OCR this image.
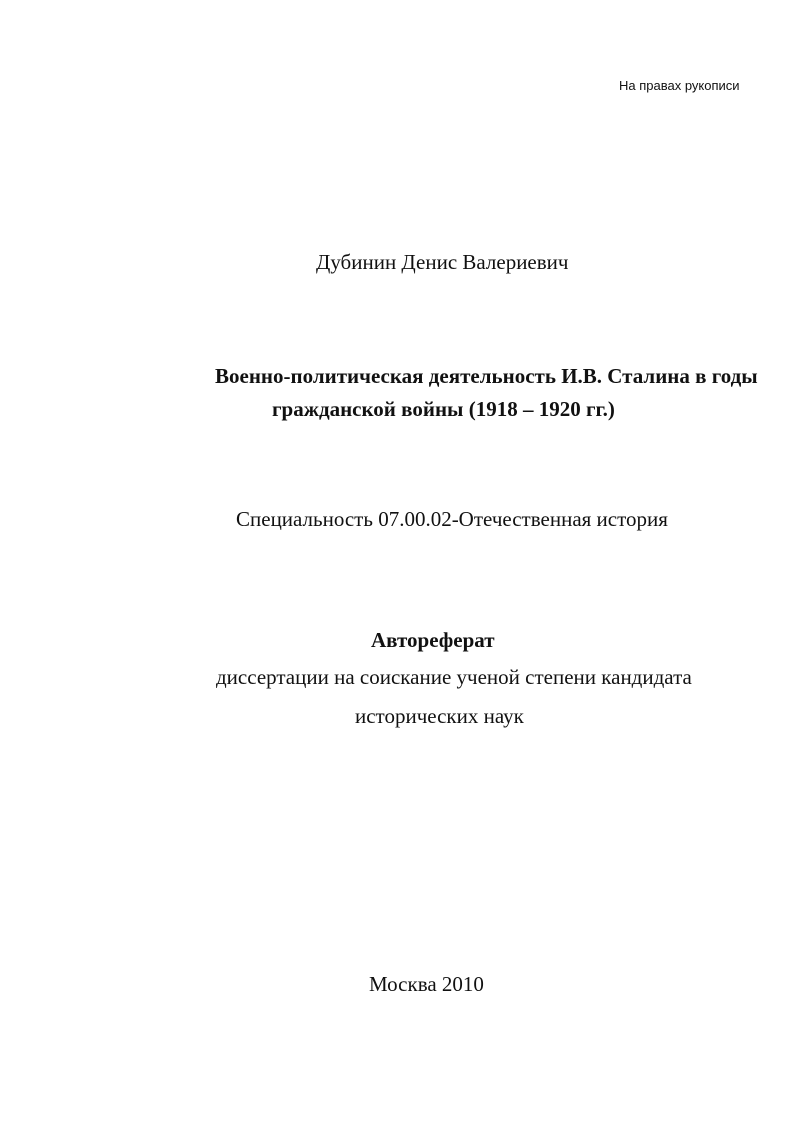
На правах рукописи
Дубинин Денис Валериевич
Военно-политическая деятельность И.В. Сталина в годы
гражданской войны (1918 – 1920 гг.)
Специальность 07.00.02-Отечественная история
Автореферат
диссертации на соискание ученой степени кандидата
исторических наук
Москва 2010
